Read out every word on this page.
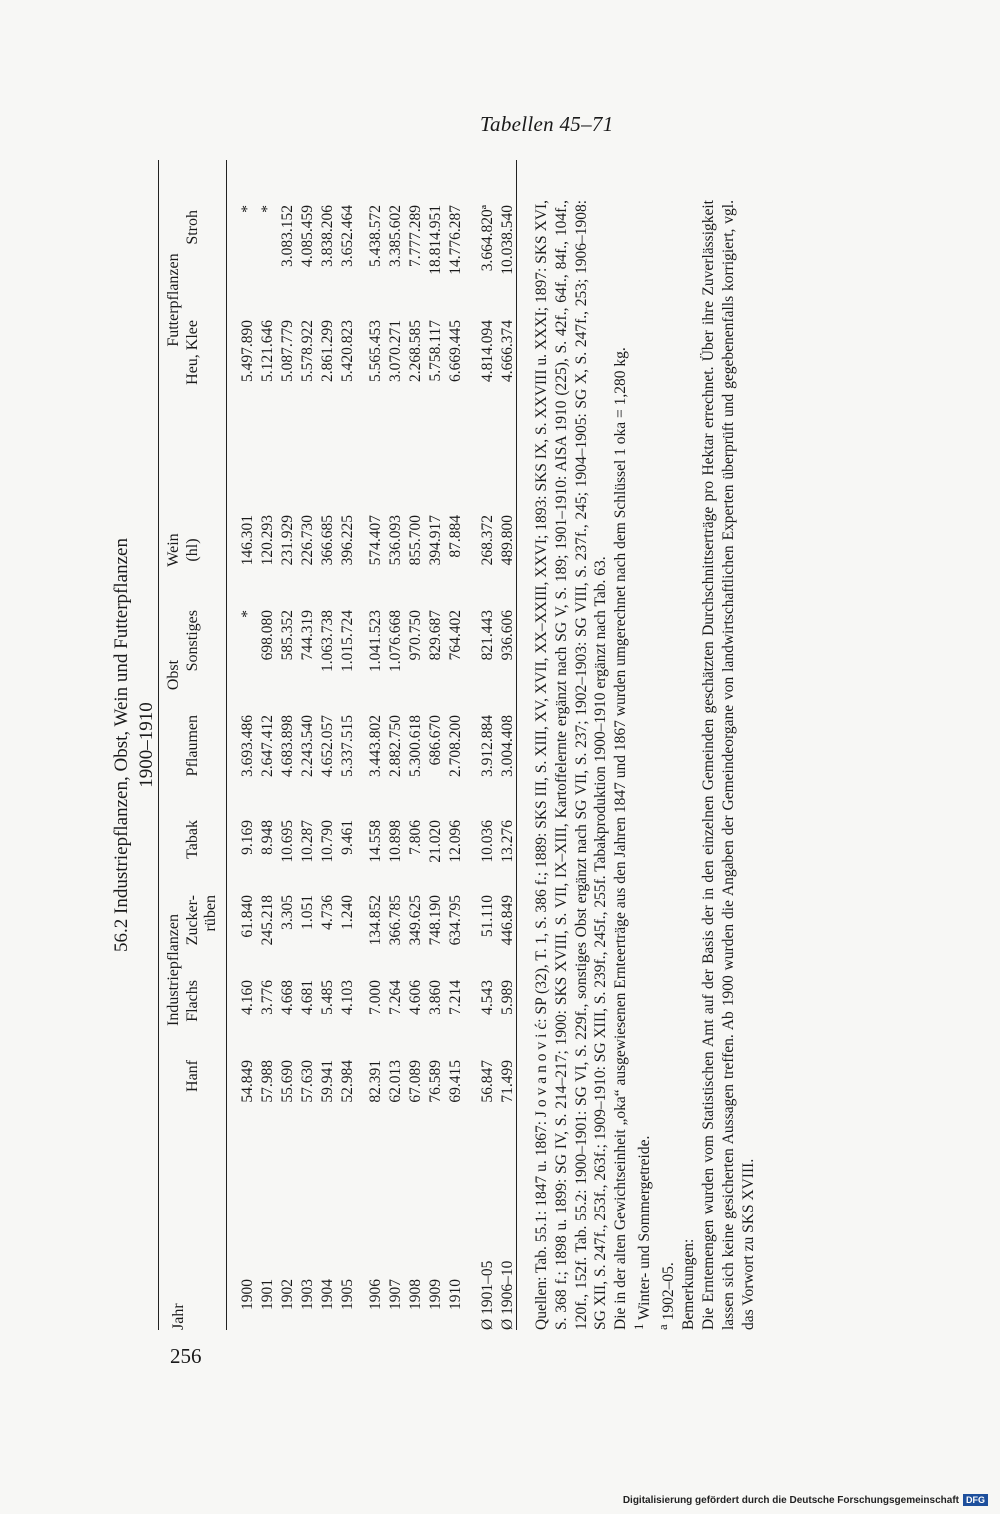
Tabellen 45–71
256
56.2 Industriepflanzen, Obst, Wein und Futterpflanzen 1900–1910
Industriepflanzen
Obst
Wein
Futterpflanzen
Jahr
Hanf
Flachs
Zucker- rüben
Tabak
Pflaumen
Sonstiges
(hl)
Heu, Klee
Stroh
1900
54.849
4.160
61.840
9.169
3.693.486
*
146.301
5.497.890
*
1901
57.988
3.776
245.218
8.948
2.647.412
698.080
120.293
5.121.646
*
1902
55.690
4.668
3.305
10.695
4.683.898
585.352
231.929
5.087.779
3.083.152
1903
57.630
4.681
1.051
10.287
2.243.540
744.319
226.730
5.578.922
4.085.459
1904
59.941
5.485
4.736
10.790
4.652.057
1.063.738
366.685
2.861.299
3.838.206
1905
52.984
4.103
1.240
9.461
5.337.515
1.015.724
396.225
5.420.823
3.652.464
1906
82.391
7.000
134.852
14.558
3.443.802
1.041.523
574.407
5.565.453
5.438.572
1907
62.013
7.264
366.785
10.898
2.882.750
1.076.668
536.093
3.070.271
3.385.602
1908
67.089
4.606
349.625
7.806
5.300.618
970.750
855.700
2.268.585
7.777.289
1909
76.589
3.860
748.190
21.020
686.670
829.687
394.917
5.758.117
18.814.951
1910
69.415
7.214
634.795
12.096
2.708.200
764.402
87.884
6.669.445
14.776.287
Ø 1901–05
56.847
4.543
51.110
10.036
3.912.884
821.443
268.372
4.814.094
3.664.820ª
Ø 1906–10
71.499
5.989
446.849
13.276
3.004.408
936.606
489.800
4.666.374
10.038.540

Quellen: Tab. 55.1: 1847 u. 1867: J o v a n o v i ć: SP (32), T. 1, S. 386 f.; 1889: SKS III, S. XIII, XV, XVII, XX–XXIII, XXVI; 1893: SKS IX, S. XXVIII u. XXXI; 1897: SKS XVI, S. 368 f.; 1898 u. 1899: SG IV, S. 214–217; 1900: SKS XVIII, S. VII, IX–XIII, Kartoffelernte ergänzt nach SG V, S. 189; 1901–1910: AISA 1910 (225), S. 42f., 64f., 84f., 104f., 120f., 152f. Tab. 55.2: 1900–1901: SG VI, S. 229f., sonstiges Obst ergänzt nach SG VII, S. 237; 1902–1903: SG VIII, S. 237f., 245; 1904–1905: SG X, S. 247f., 253; 1906–1908: SG XII, S. 247f., 253f., 263f.; 1909–1910: SG XIII, S. 239f., 245f., 255f. Tabakproduktion 1900–1910 ergänzt nach Tab. 63. Die in der alten Gewichtseinheit „oka“ ausgewiesenen Ernteerträge aus den Jahren 1847 und 1867 wurden umgerechnet nach dem Schlüssel 1 oka = 1,280 kg. $^1$ Winter- und Sommergetreide.

$^a$ 1902–05. Bemerkungen: Die Erntemengen wurden vom Statistischen Amt auf der Basis der in den einzelnen Gemeinden geschätzten Durchschnittserträge pro Hektar errechnet. Über ihre Zuverlässigkeit lassen sich keine gesicherten Aussagen treffen. Ab 1900 wurden die Angaben der Gemeindeorgane von landwirtschaftlichen Experten überprüft und gegebenenfalls korrigiert, vgl. das Vorwort zu SKS XVIII.

Digitalisierung gefördert durch die Deutsche Forschungsgemeinschaft DFG
